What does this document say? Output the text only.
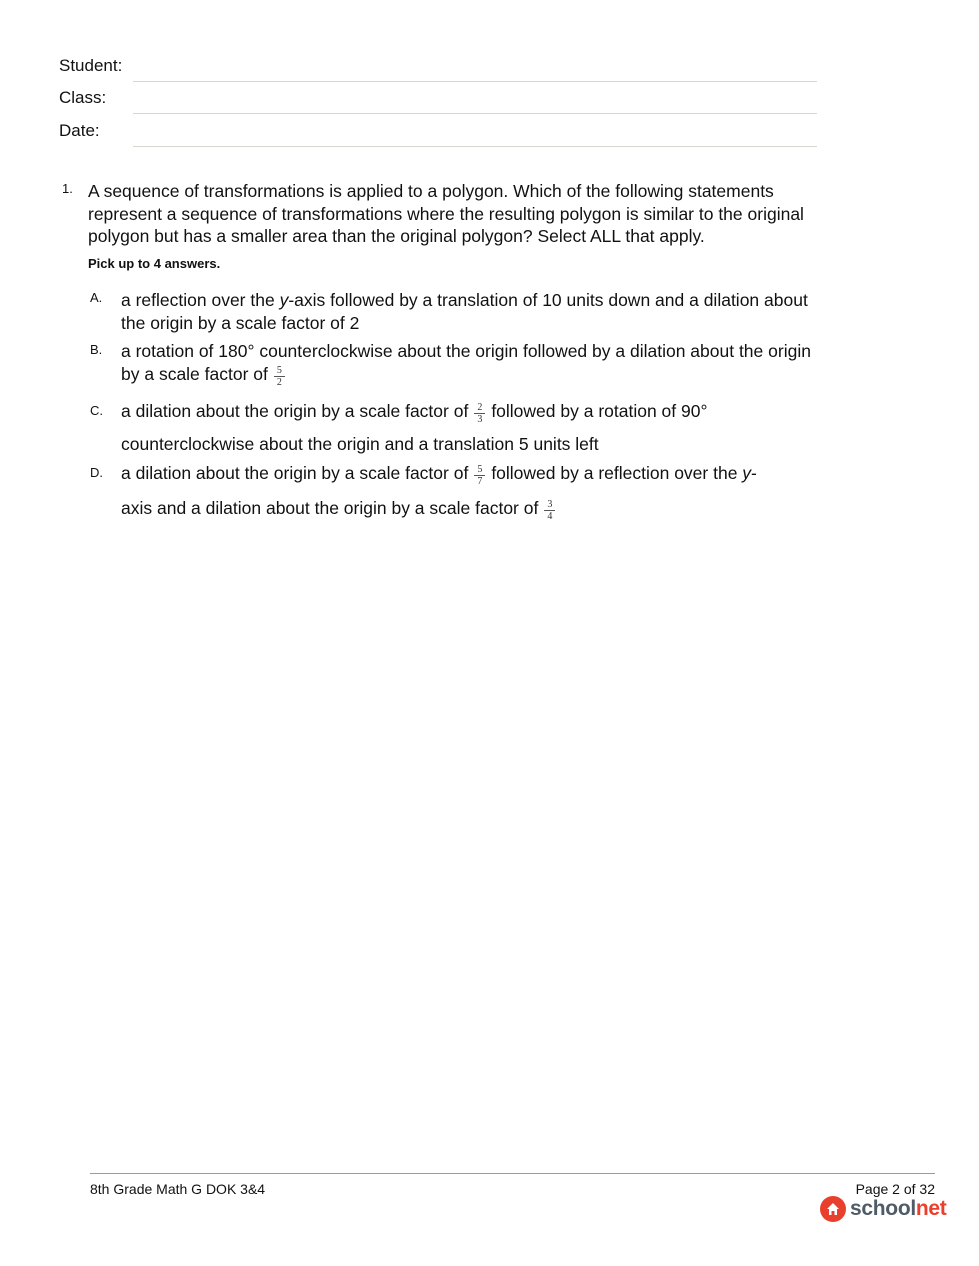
Student:
Class:
Date:
1. A sequence of transformations is applied to a polygon. Which of the following statements represent a sequence of transformations where the resulting polygon is similar to the original polygon but has a smaller area than the original polygon? Select ALL that apply.
Pick up to 4 answers.
A. a reflection over the y-axis followed by a translation of 10 units down and a dilation about the origin by a scale factor of 2
B. a rotation of 180° counterclockwise about the origin followed by a dilation about the origin by a scale factor of $\frac{5}{2}$
C. a dilation about the origin by a scale factor of $\frac{2}{3}$ followed by a rotation of 90°
counterclockwise about the origin and a translation 5 units left
D. a dilation about the origin by a scale factor of $\frac{5}{7}$ followed by a reflection over the y-
axis and a dilation about the origin by a scale factor of $\frac{3}{4}$
8th Grade Math G DOK 3&4	Page 2 of 32
schoolnet
